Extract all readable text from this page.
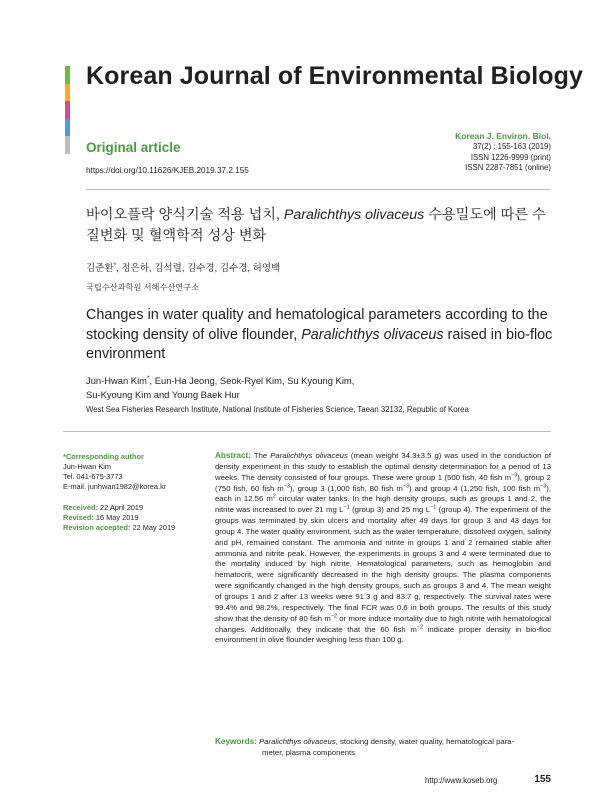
Korean Journal of Environmental Biology
Original article
https://doi.org/10.11626/KJEB.2019.37.2.155
Korean J. Environ. Biol.
37(2) : 155-163 (2019)
ISSN 1226-9999 (print)
ISSN 2287-7851 (online)
바이오플락 양식기술 적용 넙치, Paralichthys olivaceus 수용밀도에 따른 수질변화 및 혈액학적 성상 변화
김준환*, 정은하, 김석렬, 김수경, 김수경, 허영백
국립수산과학원 서해수산연구소
Changes in water quality and hematological parameters according to the stocking density of olive flounder, Paralichthys olivaceus raised in bio-floc environment
Jun-Hwan Kim*, Eun-Ha Jeong, Seok-Ryel Kim, Su Kyoung Kim,
Su-Kyoung Kim and Young Baek Hur
West Sea Fisheries Research Institute, National Institute of Fisheries Science, Taean 32132, Republic of Korea
*Corresponding author
Jun-Hwan Kim
Tel. 041-675-3773
E-mail. junhwan1982@korea.kr
Received: 22 April 2019
Revised: 16 May 2019
Revision accepted: 22 May 2019
Abstract: The Paralichthys olivaceus (mean weight 34.3±3.5 g) was used in the conduction of density experiment in this study to establish the optimal density determination for a period of 13 weeks. The density consisted of four groups. These were group 1 (500 fish, 40 fish $m^{-3}$), group 2 (750 fish, 60 fish $m^{-3}$), group 3 (1,000 fish, 80 fish $m^{-3}$) and group 4 (1,250 fish, 100 fish $m^{-3}$), each in 12.56 $m^2$ circular water tanks. In the high density groups, such as groups 1 and 2, the nitrite was increased to over 21 mg $L^{-1}$ (group 3) and 25 mg $L^{-1}$ (group 4). The experiment of the groups was terminated by skin ulcers and mortality after 49 days for group 3 and 43 days for group 4. The water quality environment, such as the water temperature, dissolved oxygen, salinity and pH, remained constant. The ammonia and nitrite in groups 1 and 2 remained stable after ammonia and nitrite peak. However, the experiments in groups 3 and 4 were terminated due to the mortality induced by high nitrite. Hematological parameters, such as hemoglobin and hematocrit, were significantly decreased in the high density groups. The plasma components were significantly changed in the high density groups, such as groups 3 and 4. The mean weight of groups 1 and 2 after 13 weeks were 91.3 g and 83.7 g, respectively. The survival rates were 99.4% and 98.2%, respectively. The final FCR was 0.6 in both groups. The results of this study show that the density of 80 fish $m^{-2}$ or more induce mortality due to high nitrite with hematological changes. Additionally, they indicate that the 60 fish $m^{-2}$ indicate proper density in bio-floc environment in olive flounder weighing less than 100 g.
Keywords: Paralichthys olivaceus, stocking density, water quality, hematological para-
meter, plasma components
http://www.koseb.org	155
